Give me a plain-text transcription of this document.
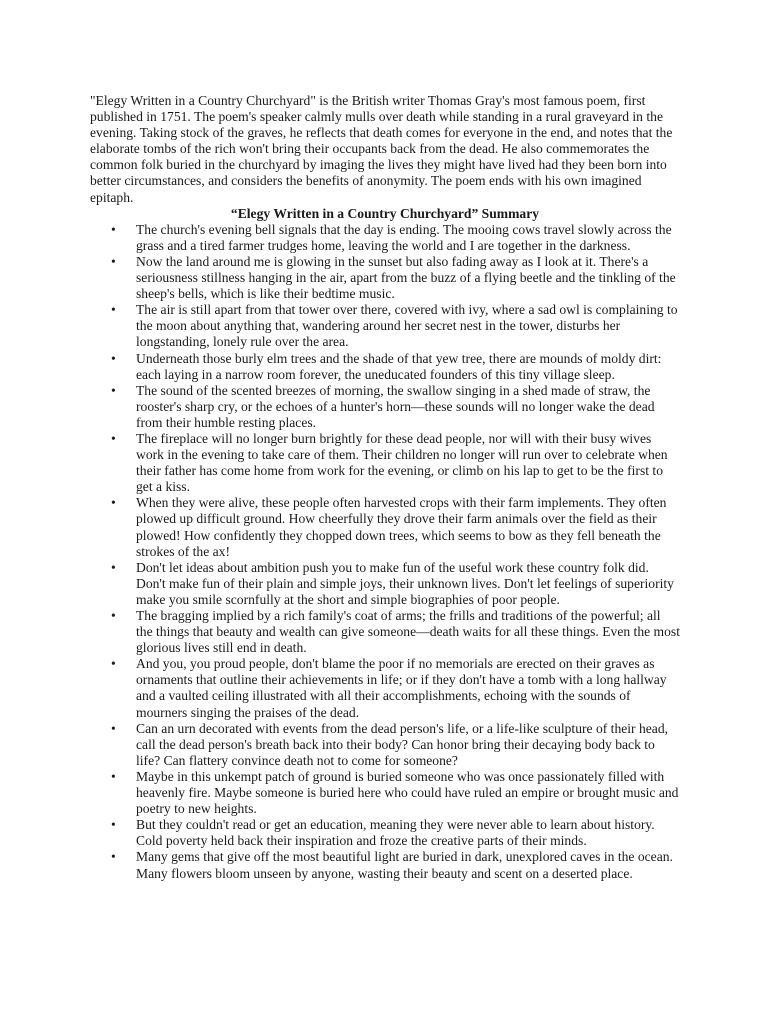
"Elegy Written in a Country Churchyard" is the British writer Thomas Gray's most famous poem, first published in 1751. The poem's speaker calmly mulls over death while standing in a rural graveyard in the evening. Taking stock of the graves, he reflects that death comes for everyone in the end, and notes that the elaborate tombs of the rich won't bring their occupants back from the dead. He also commemorates the common folk buried in the churchyard by imaging the lives they might have lived had they been born into better circumstances, and considers the benefits of anonymity. The poem ends with his own imagined epitaph.

“Elegy Written in a Country Churchyard” Summary

• The church's evening bell signals that the day is ending. The mooing cows travel slowly across the grass and a tired farmer trudges home, leaving the world and I are together in the darkness.
• Now the land around me is glowing in the sunset but also fading away as I look at it. There's a seriousness stillness hanging in the air, apart from the buzz of a flying beetle and the tinkling of the sheep's bells, which is like their bedtime music.
• The air is still apart from that tower over there, covered with ivy, where a sad owl is complaining to the moon about anything that, wandering around her secret nest in the tower, disturbs her longstanding, lonely rule over the area.
• Underneath those burly elm trees and the shade of that yew tree, there are mounds of moldy dirt: each laying in a narrow room forever, the uneducated founders of this tiny village sleep.
• The sound of the scented breezes of morning, the swallow singing in a shed made of straw, the rooster's sharp cry, or the echoes of a hunter's horn—these sounds will no longer wake the dead from their humble resting places.
• The fireplace will no longer burn brightly for these dead people, nor will with their busy wives work in the evening to take care of them. Their children no longer will run over to celebrate when their father has come home from work for the evening, or climb on his lap to get to be the first to get a kiss.
• When they were alive, these people often harvested crops with their farm implements. They often plowed up difficult ground. How cheerfully they drove their farm animals over the field as their plowed! How confidently they chopped down trees, which seems to bow as they fell beneath the strokes of the ax!
• Don't let ideas about ambition push you to make fun of the useful work these country folk did. Don't make fun of their plain and simple joys, their unknown lives. Don't let feelings of superiority make you smile scornfully at the short and simple biographies of poor people.
• The bragging implied by a rich family's coat of arms; the frills and traditions of the powerful; all the things that beauty and wealth can give someone—death waits for all these things. Even the most glorious lives still end in death.
• And you, you proud people, don't blame the poor if no memorials are erected on their graves as ornaments that outline their achievements in life; or if they don't have a tomb with a long hallway and a vaulted ceiling illustrated with all their accomplishments, echoing with the sounds of mourners singing the praises of the dead.
• Can an urn decorated with events from the dead person's life, or a life-like sculpture of their head, call the dead person's breath back into their body? Can honor bring their decaying body back to life? Can flattery convince death not to come for someone?
• Maybe in this unkempt patch of ground is buried someone who was once passionately filled with heavenly fire. Maybe someone is buried here who could have ruled an empire or brought music and poetry to new heights.
• But they couldn't read or get an education, meaning they were never able to learn about history. Cold poverty held back their inspiration and froze the creative parts of their minds.
• Many gems that give off the most beautiful light are buried in dark, unexplored caves in the ocean. Many flowers bloom unseen by anyone, wasting their beauty and scent on a deserted place.
